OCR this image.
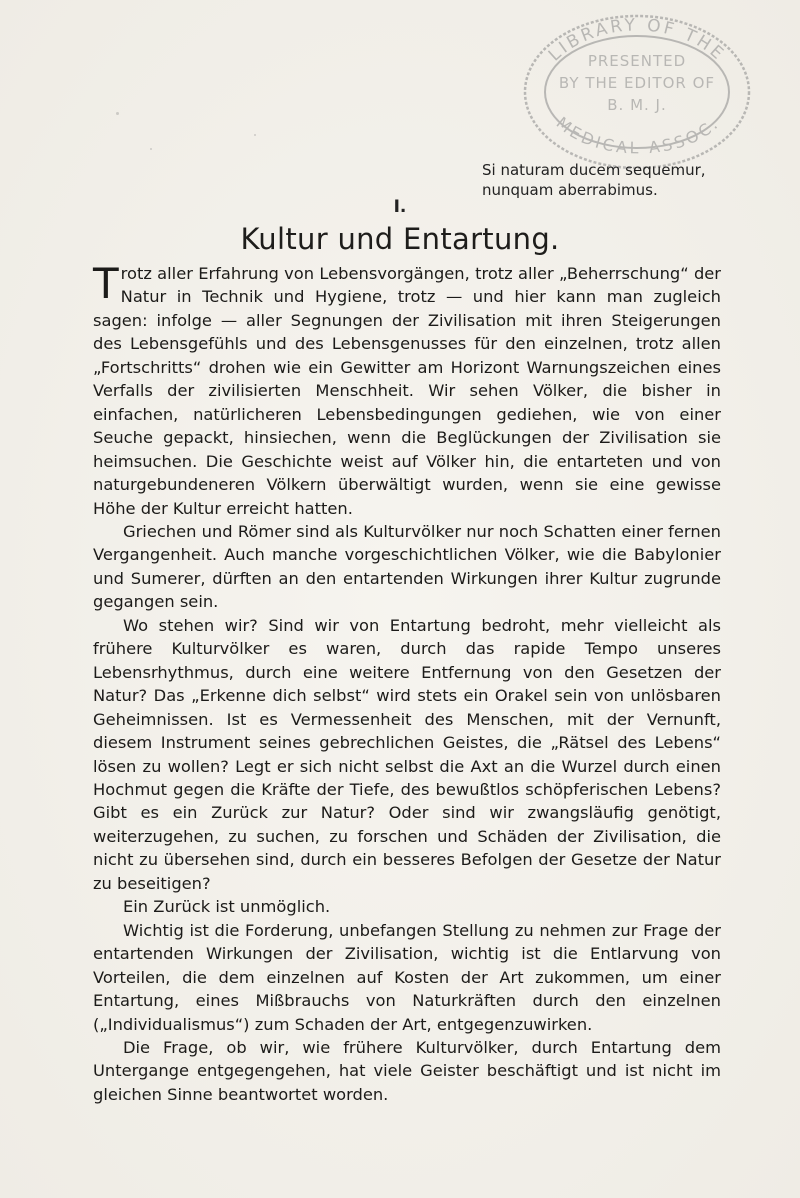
LIBRARY OF THE
MEDICAL ASSOC.
PRESENTED
BY THE EDITOR OF
B. M. J.
Si naturam ducem sequemur,
nunquam aberrabimus.
I.
Kultur und Entartung.

Trotz aller Erfahrung von Lebensvorgängen, trotz aller „Beherrschung“ der Natur in Technik und Hygiene, trotz — und hier kann man zugleich sagen: infolge — aller Segnungen der Zivilisation mit ihren Steigerungen des Lebensgefühls und des Lebensgenusses für den einzelnen, trotz allen „Fortschritts“ drohen wie ein Gewitter am Horizont Warnungszeichen eines Verfalls der zivilisierten Menschheit. Wir sehen Völker, die bisher in einfachen, natürlicheren Lebensbedingungen gediehen, wie von einer Seuche gepackt, hinsiechen, wenn die Beglückungen der Zivilisation sie heimsuchen. Die Geschichte weist auf Völker hin, die entarteten und von naturgebundeneren Völkern überwältigt wurden, wenn sie eine gewisse Höhe der Kultur erreicht hatten.

Griechen und Römer sind als Kulturvölker nur noch Schatten einer fernen Vergangenheit. Auch manche vorgeschichtlichen Völker, wie die Babylonier und Sumerer, dürften an den entartenden Wirkungen ihrer Kultur zugrunde gegangen sein.

Wo stehen wir? Sind wir von Entartung bedroht, mehr vielleicht als frühere Kulturvölker es waren, durch das rapide Tempo unseres Lebensrhythmus, durch eine weitere Entfernung von den Gesetzen der Natur? Das „Erkenne dich selbst“ wird stets ein Orakel sein von unlösbaren Geheimnissen. Ist es Vermessenheit des Menschen, mit der Vernunft, diesem Instrument seines gebrechlichen Geistes, die „Rätsel des Lebens“ lösen zu wollen? Legt er sich nicht selbst die Axt an die Wurzel durch einen Hochmut gegen die Kräfte der Tiefe, des bewußtlos schöpferischen Lebens? Gibt es ein Zurück zur Natur? Oder sind wir zwangsläufig genötigt, weiterzugehen, zu suchen, zu forschen und Schäden der Zivilisation, die nicht zu übersehen sind, durch ein besseres Befolgen der Gesetze der Natur zu beseitigen?

Ein Zurück ist unmöglich.

Wichtig ist die Forderung, unbefangen Stellung zu nehmen zur Frage der entartenden Wirkungen der Zivilisation, wichtig ist die Entlarvung von Vorteilen, die dem einzelnen auf Kosten der Art zukommen, um einer Entartung, eines Mißbrauchs von Naturkräften durch den einzelnen („Individualismus“) zum Schaden der Art, entgegenzuwirken.

Die Frage, ob wir, wie frühere Kulturvölker, durch Entartung dem Untergange entgegengehen, hat viele Geister beschäftigt und ist nicht im gleichen Sinne beantwortet worden.
